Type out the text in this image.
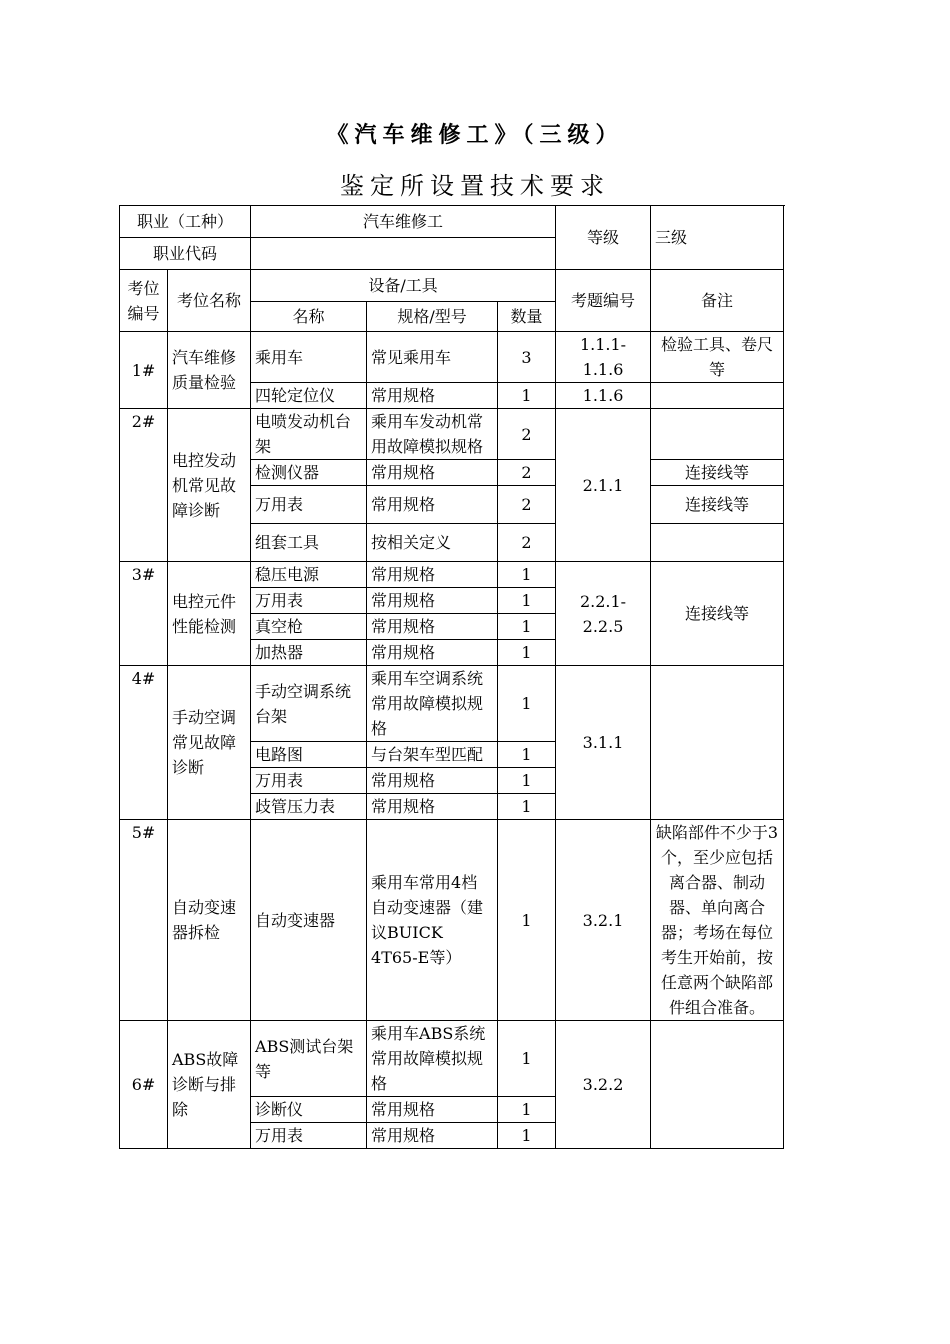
《汽车维修工》（三级）
鉴定所设置技术要求
职业（工种）		汽车维修工			等级	三级
职业代码						
考位编号	考位名称	设备/工具			考题编号	备注
		名称	规格/型号	数量		
1#	汽车维修质量检验	乘用车	常见乘用车	3	1.1.1-1.1.6	检验工具、卷尺等
		四轮定位仪	常用规格	1	1.1.6	
2#	电控发动机常见故障诊断	电喷发动机台架	乘用车发动机常用故障模拟规格	2	2.1.1	
		检测仪器	常用规格	2		连接线等
		万用表	常用规格	2		连接线等
		组套工具	按相关定义	2		
3#	电控元件性能检测	稳压电源	常用规格	1	2.2.1-2.2.5	连接线等
		万用表	常用规格	1		
		真空枪	常用规格	1		
		加热器	常用规格	1		
4#	手动空调常见故障诊断	手动空调系统台架	乘用车空调系统常用故障模拟规格	1	3.1.1	
		电路图	与台架车型匹配	1		
		万用表	常用规格	1		
		歧管压力表	常用规格	1		
5#	自动变速器拆检	自动变速器	乘用车常用4档自动变速器（建议BUICK 4T65-E等）	1	3.2.1	缺陷部件不少于3个，至少应包括离合器、制动器、单向离合器；考场在每位考生开始前，按任意两个缺陷部件组合准备。
6#	ABS故障诊断与排除	ABS测试台架等	乘用车ABS系统常用故障模拟规格	1	3.2.2	
		诊断仪	常用规格	1		
		万用表	常用规格	1		
